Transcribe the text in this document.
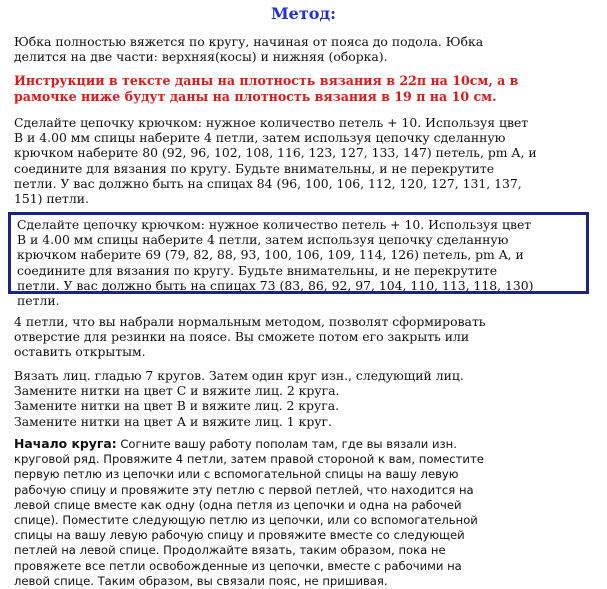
Метод:
Юбка полностью вяжется по кругу, начиная от пояса до подола. Юбка
делится на две части: верхняя(косы) и нижняя (оборка).
Инструкции в тексте даны на плотность вязания в 22п на 10см, а в
рамочке ниже будут даны на плотность вязания в 19 п на 10 см.
Сделайте цепочку крючком: нужное количество петель + 10. Используя цвет
В и 4.00 мм спицы наберите 4 петли, затем используя цепочку сделанную
крючком наберите 80 (92, 96, 102, 108, 116, 123, 127, 133, 147) петель, pm A, и
соедините для вязания по кругу. Будьте внимательны, и не перекрутите
петли. У вас должно быть на спицах 84 (96, 100, 106, 112, 120, 127, 131, 137,
151) петли.
Сделайте цепочку крючком: нужное количество петель + 10. Используя цвет
В и 4.00 мм спицы наберите 4 петли, затем используя цепочку сделанную
крючком наберите 69 (79, 82, 88, 93, 100, 106, 109, 114, 126) петель, pm A, и
соедините для вязания по кругу. Будьте внимательны, и не перекрутите
петли. У вас должно быть на спицах 73 (83, 86, 92, 97, 104, 110, 113, 118, 130)
петли.
4 петли, что вы набрали нормальным методом, позволят сформировать
отверстие для резинки на поясе. Вы сможете потом его закрыть или
оставить открытым.
Вязать лиц. гладью 7 кругов. Затем один круг изн., следующий лиц.
Замените нитки на цвет С и вяжите лиц. 2 круга.
Замените нитки на цвет В и вяжите лиц. 2 круга.
Замените нитки на цвет А и вяжите лиц. 1 круг.
Начало круга: Согните вашу работу пополам там, где вы вязали изн.
круговой ряд. Провяжите 4 петли, затем правой стороной к вам, поместите
первую петлю из цепочки или с вспомогательной спицы на вашу левую
рабочую спицу и провяжите эту петлю с первой петлей, что находится на
левой спице вместе как одну (одна петля из цепочки и одна на рабочей
спице). Поместите следующую петлю из цепочки, или со вспомогательной
спицы на вашу левую рабочую спицу и провяжите вместе со следующей
петлей на левой спице. Продолжайте вязать, таким образом, пока не
провяжете все петли освобожденные из цепочки, вместе с рабочими на
левой спице. Таким образом, вы связали пояс, не пришивая.
